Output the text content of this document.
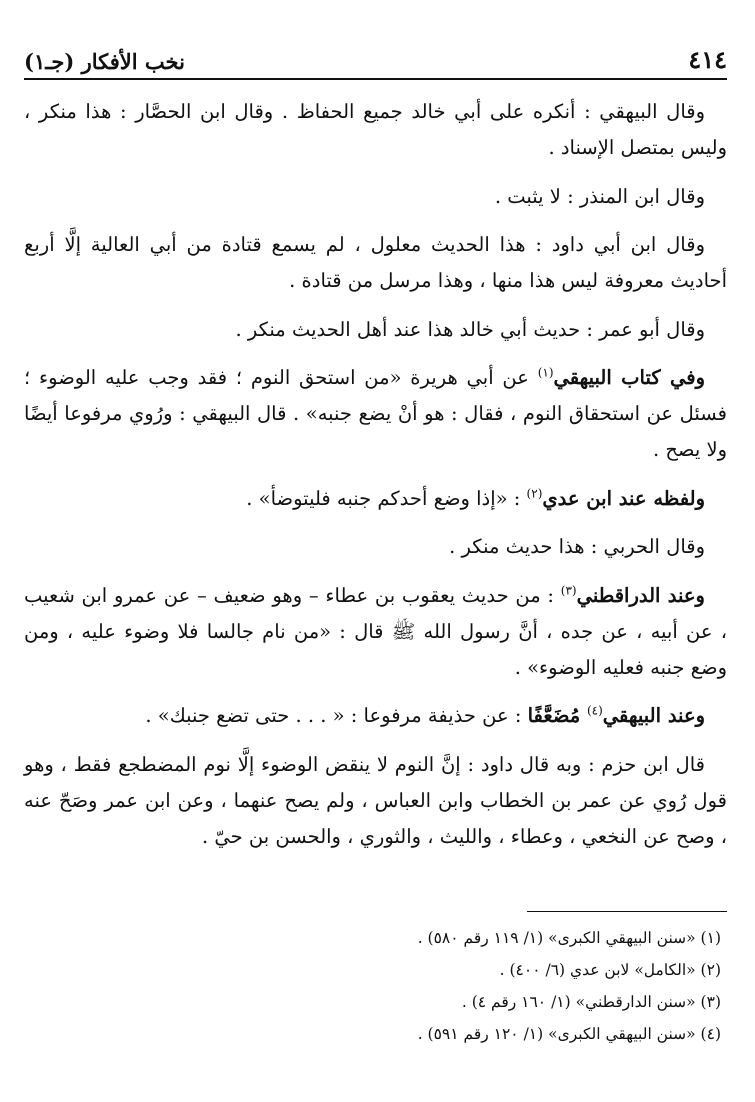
٤١٤
نخب الأفكار (جـ١)

وقال البيهقي : أنكره على أبي خالد جميع الحفاظ . وقال ابن الحصَّار : هذا منكر ، وليس بمتصل الإسناد .

وقال ابن المنذر : لا يثبت .

وقال ابن أبي داود : هذا الحديث معلول ، لم يسمع قتادة من أبي العالية إلَّا أربع أحاديث معروفة ليس هذا منها ، وهذا مرسل من قتادة .

وقال أبو عمر : حديث أبي خالد هذا عند أهل الحديث منكر .

وفي كتاب البيهقي$^{(١)}$ عن أبي هريرة «من استحق النوم ؛ فقد وجب عليه الوضوء ؛ فسئل عن استحقاق النوم ، فقال : هو أنْ يضع جنبه» . قال البيهقي : ورُوي مرفوعا أيضًا ولا يصح .

ولفظه عند ابن عدي$^{(٢)}$ : «إذا وضع أحدكم جنبه فليتوضأ» .

وقال الحربي : هذا حديث منكر .

وعند الدراقطني$^{(٣)}$ : من حديث يعقوب بن عطاء – وهو ضعيف – عن عمرو ابن شعيب ، عن أبيه ، عن جده ، أنَّ رسول الله ﷺ قال : «من نام جالسا فلا وضوء عليه ، ومن وضع جنبه فعليه الوضوء» .

وعند البيهقي$^{(٤)}$ مُضَعَّفًا : عن حذيفة مرفوعا : « . . . حتى تضع جنبك» .

قال ابن حزم : وبه قال داود : إنَّ النوم لا ينقض الوضوء إلَّا نوم المضطجع فقط ، وهو قول رُوي عن عمر بن الخطاب وابن العباس ، ولم يصح عنهما ، وعن ابن عمر وصَحّ عنه ، وصح عن النخعي ، وعطاء ، والليث ، والثوري ، والحسن بن حيّ .

(١) «سنن البيهقي الكبرى» (١/ ١١٩ رقم ٥٨٠) .
(٢) «الكامل» لابن عدي (٦/ ٤٠٠) .
(٣) «سنن الدارقطني» (١/ ١٦٠ رقم ٤) .
(٤) «سنن البيهقي الكبرى» (١/ ١٢٠ رقم ٥٩١) .
